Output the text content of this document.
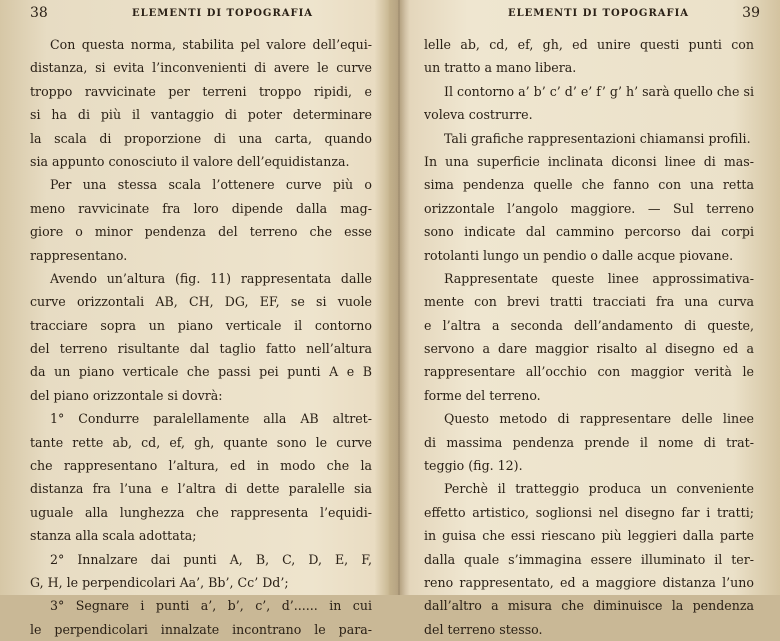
38	ELEMENTI DI TOPOGRAFIA
Con questa norma, stabilita pel valore dell’equi-
distanza, si evita l’inconvenienti di avere le curve
troppo ravvicinate per terreni troppo ripidi, e
si ha di più il vantaggio di poter determinare
la scala di proporzione di una carta, quando
sia appunto conosciuto il valore dell’equidistanza.
Per una stessa scala l’ottenere curve più o
meno ravvicinate fra loro dipende dalla mag-
giore o minor pendenza del terreno che esse
rappresentano.
Avendo un’altura (fig. 11) rappresentata dalle
curve orizzontali AB, CH, DG, EF, se si vuole
tracciare sopra un piano verticale il contorno
del terreno risultante dal taglio fatto nell’altura
da un piano verticale che passi pei punti A e B
del piano orizzontale si dovrà:
1° Condurre paralellamente alla AB altret-
tante rette ab, cd, ef, gh, quante sono le curve
che rappresentano l’altura, ed in modo che la
distanza fra l’una e l’altra di dette paralelle sia
uguale alla lunghezza che rappresenta l’equidi-
stanza alla scala adottata;
2° Innalzare dai punti A, B, C, D, E, F,
G, H, le perpendicolari Aa’, Bb’, Cc’ Dd’;
3° Segnare i punti a’, b’, c’, d’...... in cui
le perpendicolari innalzate incontrano le para-
ELEMENTI DI TOPOGRAFIA	39
lelle ab, cd, ef, gh, ed unire questi punti con
un tratto a mano libera.
Il contorno a’ b’ c’ d’ e’ f’ g’ h’ sarà quello che si
voleva costrurre.
Tali grafiche rappresentazioni chiamansi profili.
In una superficie inclinata diconsi linee di mas-
sima pendenza quelle che fanno con una retta
orizzontale l’angolo maggiore. — Sul terreno
sono indicate dal cammino percorso dai corpi
rotolanti lungo un pendio o dalle acque piovane.
Rappresentate queste linee approssimativa-
mente con brevi tratti tracciati fra una curva
e l’altra a seconda dell’andamento di queste,
servono a dare maggior risalto al disegno ed a
rappresentare all’occhio con maggior verità le
forme del terreno.
Questo metodo di rappresentare delle linee
di massima pendenza prende il nome di trat-
teggio (fig. 12).
Perchè il tratteggio produca un conveniente
effetto artistico, soglionsi nel disegno far i tratti;
in guisa che essi riescano più leggieri dalla parte
dalla quale s’immagina essere illuminato il ter-
reno rappresentato, ed a maggiore distanza l’uno
dall’altro a misura che diminuisce la pendenza
del terreno stesso.
